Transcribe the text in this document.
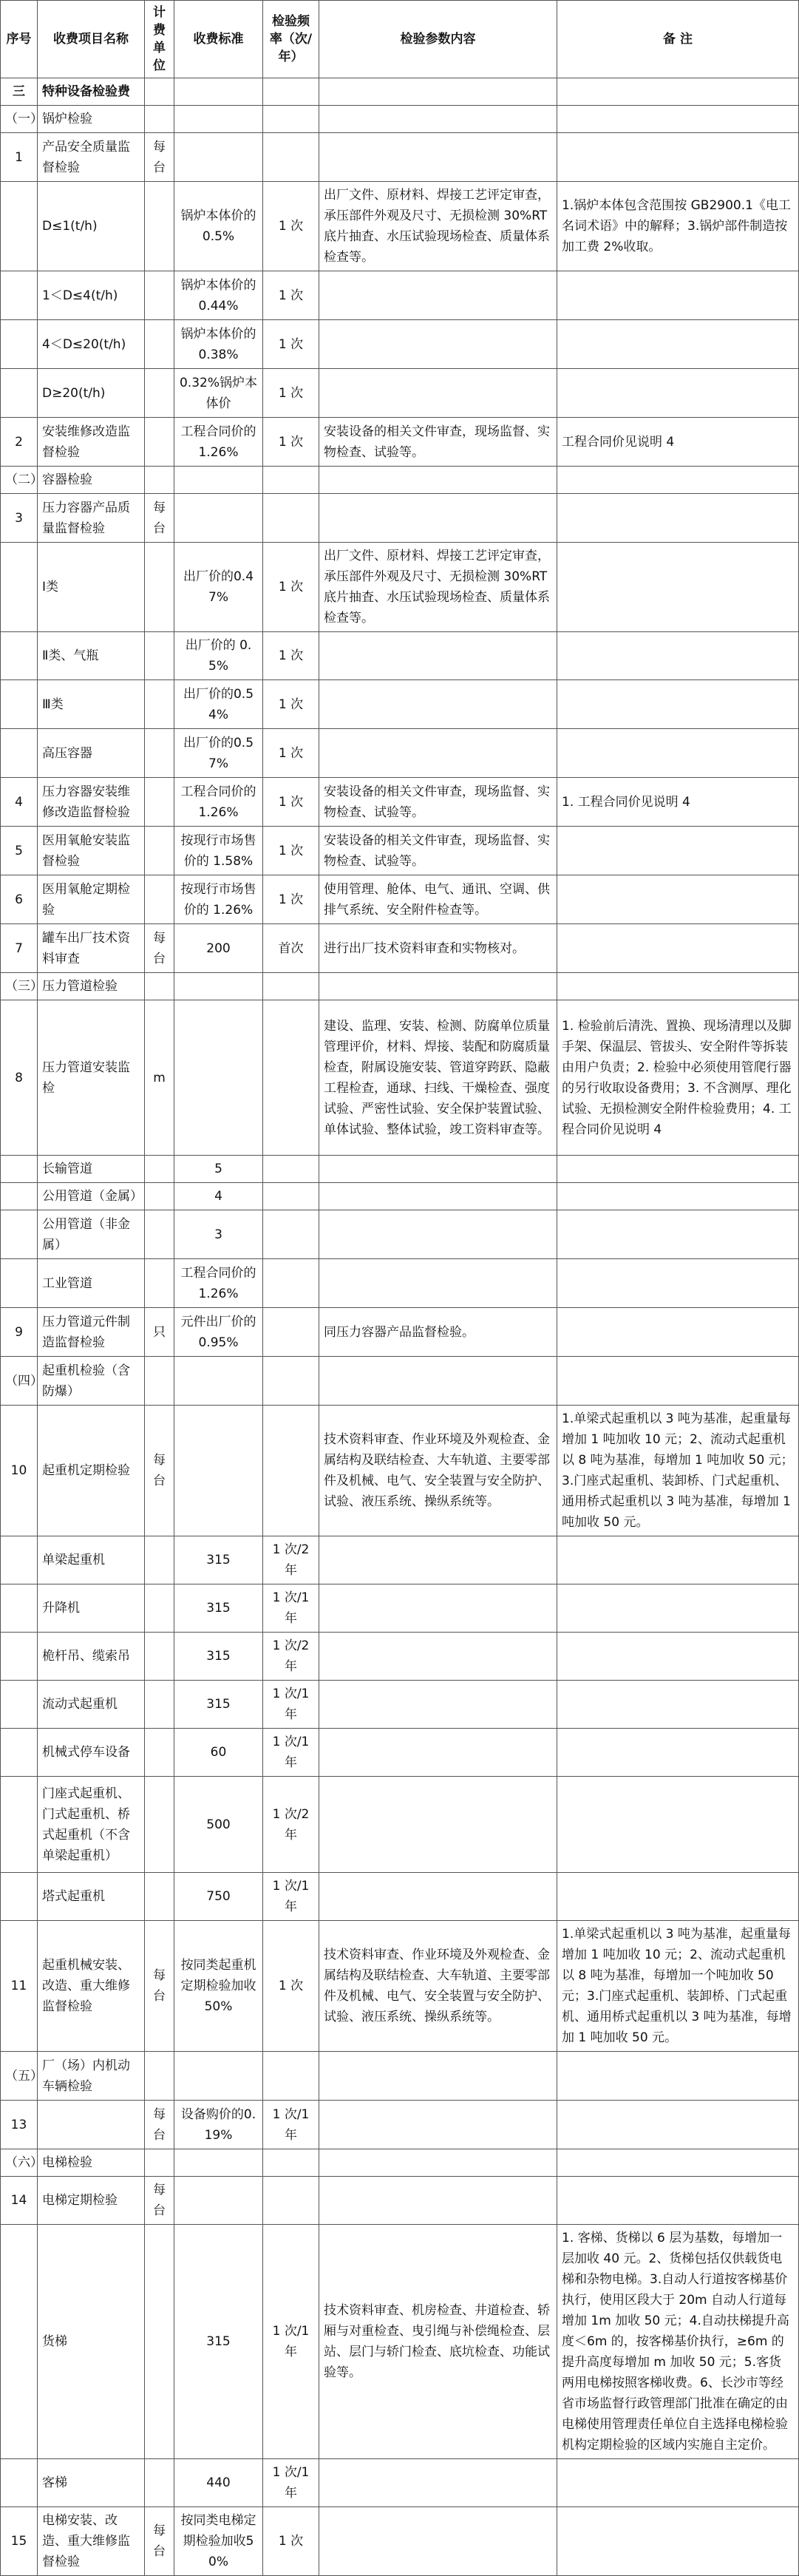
序号	收费项目名称	计费单位	收费标准	检验频率（次/年）	检验参数内容	备 注
三	特种设备检验费					
（一）	锅炉检验					
1	产品安全质量监督检验	每台				
	D≤1(t/h)		锅炉本体价的0.5%	1 次	出厂文件、原材料、焊接工艺评定审查，承压部件外观及尺寸、无损检测 30%RT 底片抽査、水压试验现场检查、质量体系检查等。	1.锅炉本体包含范围按 GB2900.1《电工名词术语》中的解释；3.锅炉部件制造按加工费 2%收取。
	1＜D≤4(t/h)		锅炉本体价的0.44%	1 次		
	4＜D≤20(t/h)		锅炉本体价的0.38%	1 次		
	D≥20(t/h)		0.32%锅炉本体价	1 次		
2	安装维修改造监督检验		工程合同价的1.26%	1 次	安装设备的相关文件审查，现场监督、实物检查、试验等。	工程合同价见说明 4
（二）	容器检验					
3	压力容器产品质量监督检验	每台				
	Ⅰ类		出厂价的0.47%	1 次	出厂文件、原材料、焊接工艺评定审查，承压部件外观及尺寸、无损检测 30%RT 底片抽査、水压试验现场检查、质量体系检查等。	
	Ⅱ类、气瓶		出厂价的 0.5%	1 次		
	Ⅲ类		出厂价的0.54%	1 次		
	高压容器		出厂价的0.57%	1 次		
4	压力容器安装维修改造监督检验		工程合同价的1.26%	1 次	安装设备的相关文件审查，现场监督、实物检查、试验等。	1. 工程合同价见说明 4
5	医用氧舱安装监督检验		按现行市场售价的 1.58%	1 次	安装设备的相关文件审查，现场监督、实物检查、试验等。	
6	医用氧舱定期检验		按现行市场售价的 1.26%	1 次	使用管理、舱体、电气、通讯、空调、供排气系统、安全附件检查等。	
7	罐车出厂技术资料审查	每台	200	首次	进行出厂技术资料审查和实物核对。	
（三）	压力管道检验					
8	压力管道安装监检	m			建设、监理、安装、检测、防腐单位质量管理评价，材料、焊接、装配和防腐质量检查，附属设施安装、管道穿跨跃、隐蔽工程检查，通球、扫线、干燥检查、强度试验、严密性试验、安全保护装置试验、单体试验、整体试验，竣工资料审查等。	1. 检验前后清洗、置换、现场清理以及脚手架、保温层、管拔头、安全附件等拆装由用户负责；2. 检验中必须使用管爬行器的另行收取设备费用；3. 不含测厚、理化试验、无损检测安全附件检验费用；4. 工程合同价见说明 4
	长输管道		5			
	公用管道（金属）		4			
	公用管道（非金属）		3			
	工业管道		工程合同价的1.26%			
9	压力管道元件制造监督检验	只	元件出厂价的0.95%		同压力容器产品监督检验。	
（四）	起重机检验（含防爆）					
10	起重机定期检验	每台			技术资料审查、作业环境及外观检查、金属结构及联结检查、大车轨道、主要零部件及机械、电气、安全装置与安全防护、试验、液压系统、操纵系统等。	1.单梁式起重机以 3 吨为基准，起重量每增加 1 吨加收 10 元；2、流动式起重机以 8 吨为基准，每增加 1 吨加收 50 元；3.门座式起重机、装卸桥、门式起重机、通用桥式起重机以 3 吨为基准，每增加 1 吨加收 50 元。
	单梁起重机		315	1 次/2 年		
	升降机		315	1 次/1 年		
	桅杆吊、缆索吊		315	1 次/2 年		
	流动式起重机		315	1 次/1 年		
	机械式停车设备		60	1 次/1 年		
	门座式起重机、门式起重机、桥式起重机（不含单梁起重机）		500	1 次/2 年		
	塔式起重机		750	1 次/1 年		
11	起重机械安装、改造、重大维修监督检验	每台	按同类起重机定期检验加收50%	1 次	技术资料审查、作业环境及外观检查、金属结构及联结检查、大车轨道、主要零部件及机械、电气、安全装置与安全防护、试验、液压系统、操纵系统等。	1.单梁式起重机以 3 吨为基准，起重量每增加 1 吨加收 10 元；2、流动式起重机以 8 吨为基准，每增加一个吨加收 50 元；3.门座式起重机、装卸桥、门式起重机、通用桥式起重机以 3 吨为基准，每增加 1 吨加收 50 元。
（五）	厂（场）内机动车辆检验					
13		每台	设备购价的0.19%	1 次/1 年		
（六）	电梯检验					
14	电梯定期检验	每台				
	货梯		315	1 次/1 年	技术资料审查、机房检查、井道检查、轿厢与对重检查、曳引绳与补偿绳检查、层站、层门与轿门检查、底坑检查、功能试验等。	1. 客梯、货梯以 6 层为基数，每增加一层加收 40 元。2、货梯包括仅供载货电梯和杂物电梯。3.自动人行道按客梯基价执行，使用区段大于 20m 自动人行道每增加 1m 加收 50 元；4.自动扶梯提升高度＜6m 的，按客梯基价执行，≥6m 的提升高度每增加 m 加收 50 元；5.客货两用电梯按照客梯收费。6、长沙市等经省市场监督行政管理部门批准在确定的由电梯使用管理责任单位自主选择电梯检验机构定期检验的区域内实施自主定价。
	客梯		440	1 次/1 年		
15	电梯安装、改造、重大维修监督检验	每台	按同类电梯定期检验加收50%	1 次		
